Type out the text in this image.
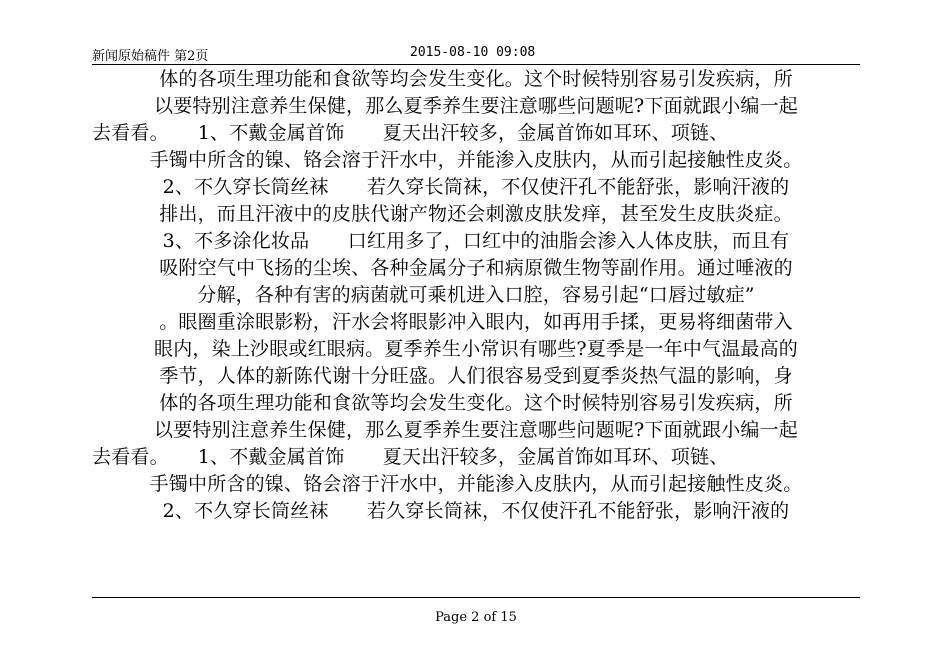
新闻原始稿件 第2页	2015-08-10 09:08
体的各项生理功能和食欲等均会发生变化。这个时候特别容易引发疾病，所
以要特别注意养生保健，那么夏季养生要注意哪些问题呢?下面就跟小编一起
去看看。　　1、不戴金属首饰　　夏天出汗较多，金属首饰如耳环、项链、
手镯中所含的镍、铬会溶于汗水中，并能渗入皮肤内，从而引起接触性皮炎。
2、不久穿长筒丝袜　　若久穿长筒袜，不仅使汗孔不能舒张，影响汗液的
排出，而且汗液中的皮肤代谢产物还会刺激皮肤发痒，甚至发生皮肤炎症。
3、不多涂化妆品　　口红用多了，口红中的油脂会渗入人体皮肤，而且有
吸附空气中飞扬的尘埃、各种金属分子和病原微生物等副作用。通过唾液的
分解，各种有害的病菌就可乘机进入口腔，容易引起“口唇过敏症”
。眼圈重涂眼影粉，汗水会将眼影冲入眼内，如再用手揉，更易将细菌带入
眼内，染上沙眼或红眼病。夏季养生小常识有哪些?夏季是一年中气温最高的
季节，人体的新陈代谢十分旺盛。人们很容易受到夏季炎热气温的影响，身
体的各项生理功能和食欲等均会发生变化。这个时候特别容易引发疾病，所
以要特别注意养生保健，那么夏季养生要注意哪些问题呢?下面就跟小编一起
去看看。　　1、不戴金属首饰　　夏天出汗较多，金属首饰如耳环、项链、
手镯中所含的镍、铬会溶于汗水中，并能渗入皮肤内，从而引起接触性皮炎。
2、不久穿长筒丝袜　　若久穿长筒袜，不仅使汗孔不能舒张，影响汗液的
Page 2 of 15
